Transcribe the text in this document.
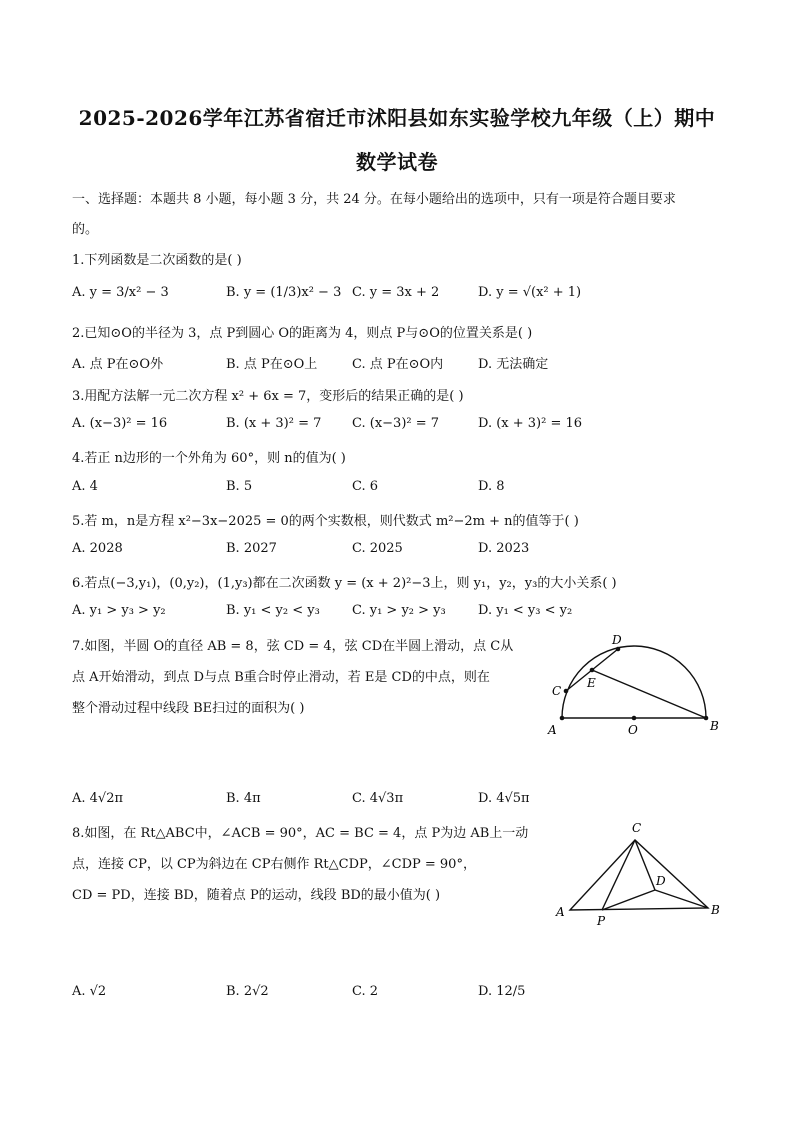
2025-2026学年江苏省宿迁市沭阳县如东实验学校九年级（上）期中
数学试卷
一、选择题：本题共 8 小题，每小题 3 分，共 24 分。在每小题给出的选项中，只有一项是符合题目要求
的。
1.下列函数是二次函数的是( )
A. y = 3/x² − 3	B. y = (1/3)x² − 3 C. y = 3x + 2	D. y = √(x² + 1)
2.已知⊙O的半径为 3，点 P到圆心 O的距离为 4，则点 P与⊙O的位置关系是( )
A. 点 P在⊙O外	B. 点 P在⊙O上	C. 点 P在⊙O内	D. 无法确定
3.用配方法解一元二次方程 x² + 6x = 7，变形后的结果正确的是( )
A. (x−3)² = 16	B. (x + 3)² = 7 C. (x−3)² = 7	D. (x + 3)² = 16
4.若正 n边形的一个外角为 60°，则 n的值为( )
A. 4	B. 5	C. 6	D. 8
5.若 m，n是方程 x²−3x−2025 = 0的两个实数根，则代数式 m²−2m + n的值等于( )
A. 2028	B. 2027	C. 2025	D. 2023
6.若点(−3,y₁)，(0,y₂)，(1,y₃)都在二次函数 y = (x + 2)²−3上，则 y₁，y₂，y₃的大小关系( )
A. y₁ > y₃ > y₂	B. y₁ < y₂ < y₃ C. y₁ > y₂ > y₃ D. y₁ < y₃ < y₂
7.如图，半圆 O的直径 AB = 8，弦 CD = 4，弦 CD在半圆上滑动，点 C从
点 A开始滑动，到点 D与点 B重合时停止滑动，若 E是 CD的中点，则在
整个滑动过程中线段 BE扫过的面积为( )
A	O	B
C
D
E
A. 4√2π	B. 4π	C. 4√3π	D. 4√5π
8.如图，在 Rt△ABC中，∠ACB = 90°，AC = BC = 4，点 P为边 AB上一动
点，连接 CP，以 CP为斜边在 CP右侧作 Rt△CDP，∠CDP = 90°，
CD = PD，连接 BD，随着点 P的运动，线段 BD的最小值为( )
C
A
P
B
D
A. √2	B. 2√2	C. 2	D. 12/5
